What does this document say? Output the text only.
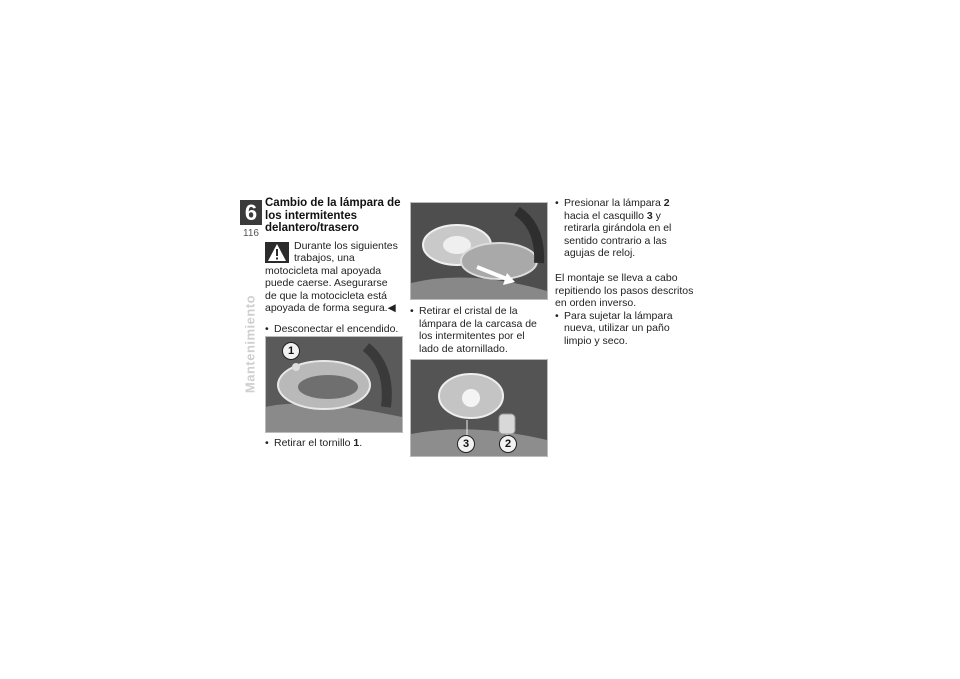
6
116
Mantenimiento
Cambio de la lámpara de los intermitentes delantero/trasero
Durante los siguientes trabajos, una motocicleta mal apoyada puede caerse. Asegurarse de que la motocicleta está apoyada de forma segura.◀
• Desconectar el encendido.
1
• Retirar el tornillo 1.
• Retirar el cristal de la lámpara de la carcasa de los intermitentes por el lado de atornillado.
3	2
• Presionar la lámpara 2 hacia el casquillo 3 y retirarla girándola en el sentido contrario a las agujas de reloj.
El montaje se lleva a cabo repitiendo los pasos descritos en orden inverso.
• Para sujetar la lámpara nueva, utilizar un paño limpio y seco.
